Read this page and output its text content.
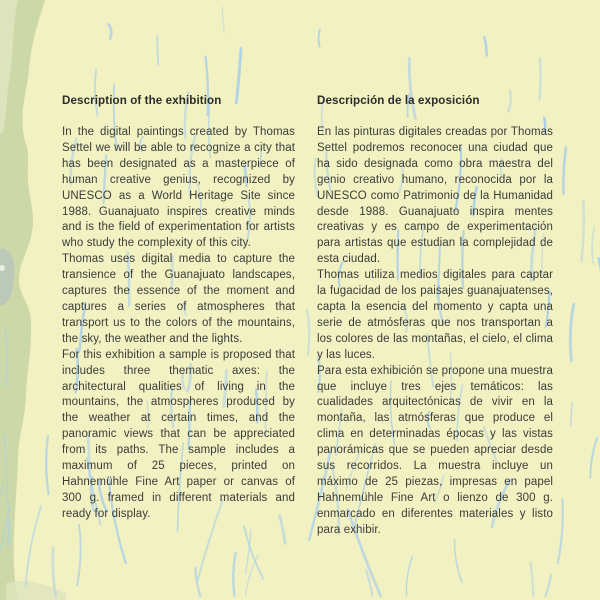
Description of the exhibition

In the digital paintings created by Thomas Settel we will be able to recognize a city that has been designated as a masterpiece of human creative genius, recognized by UNESCO as a World Heritage Site since 1988. Guanajuato inspires creative minds and is the field of experimentation for artists who study the complexity of this city.

Thomas uses digital media to capture the transience of the Guanajuato landscapes, captures the essence of the moment and captures a series of atmospheres that transport us to the colors of the mountains, the sky, the weather and the lights.

For this exhibition a sample is proposed that includes three thematic axes: the architectural qualities of living in the mountains, the atmospheres produced by the weather at certain times, and the panoramic views that can be appreciated from its paths. The sample includes a maximum of 25 pieces, printed on Hahnemühle Fine Art paper or canvas of 300 g. framed in different materials and ready for display.

Descripción de la exposición

En las pinturas digitales creadas por Thomas Settel podremos reconocer una ciudad que ha sido designada como obra maestra del genio creativo humano, reconocida por la UNESCO como Patrimonio de la Humanidad desde 1988. Guanajuato inspira mentes creativas y es campo de experimentación para artistas que estudian la complejidad de esta ciudad.

Thomas utiliza medios digitales para captar la fugacidad de los paisajes guanajuatenses, capta la esencia del momento y capta una serie de atmósferas que nos transportan a los colores de las montañas, el cielo, el clima y las luces.

Para esta exhibición se propone una muestra que incluye tres ejes temáticos: las cualidades arquitectónicas de vivir en la montaña, las atmósferas que produce el clima en determinadas épocas y las vistas panorámicas que se pueden apreciar desde sus recorridos. La muestra incluye un máximo de 25 piezas, impresas en papel Hahnemühle Fine Art o lienzo de 300 g. enmarcado en diferentes materiales y listo para exhibir.
